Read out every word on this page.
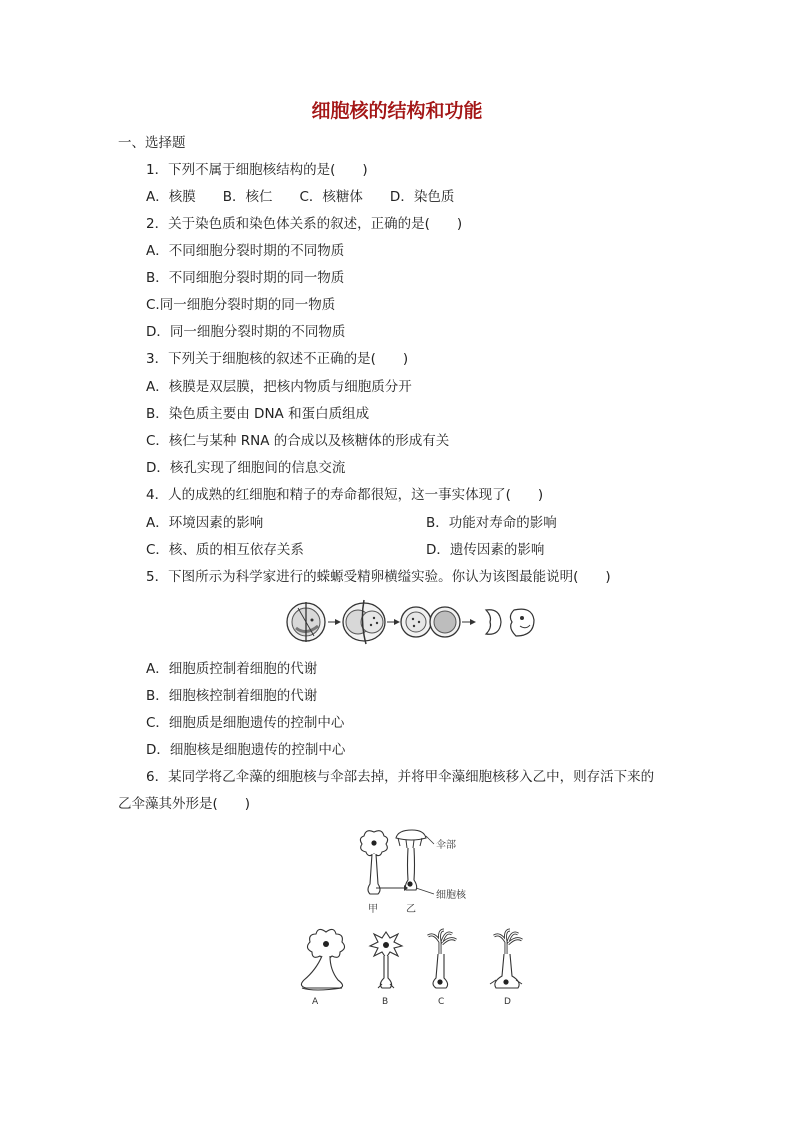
细胞核的结构和功能
一、选择题
1．下列不属于细胞核结构的是(　　)
A．核膜　　B．核仁　　C．核糖体　　D．染色质
2．关于染色质和染色体关系的叙述，正确的是(　　)
A．不同细胞分裂时期的不同物质
B．不同细胞分裂时期的同一物质
C.同一细胞分裂时期的同一物质
D．同一细胞分裂时期的不同物质
3．下列关于细胞核的叙述不正确的是(　　)
A．核膜是双层膜，把核内物质与细胞质分开
B．染色质主要由 DNA 和蛋白质组成
C．核仁与某种 RNA 的合成以及核糖体的形成有关
D．核孔实现了细胞间的信息交流
4．人的成熟的红细胞和精子的寿命都很短，这一事实体现了(　　)
A．环境因素的影响	B．功能对寿命的影响
C．核、质的相互依存关系	D．遗传因素的影响
5．下图所示为科学家进行的蝾螈受精卵横缢实验。你认为该图最能说明(　　)
A．细胞质控制着细胞的代谢
B．细胞核控制着细胞的代谢
C．细胞质是细胞遗传的控制中心
D．细胞核是细胞遗传的控制中心
6．某同学将乙伞藻的细胞核与伞部去掉，并将甲伞藻细胞核移入乙中，则存活下来的
乙伞藻其外形是(　　)
伞部
细胞核
甲	乙
A	B	C	D
